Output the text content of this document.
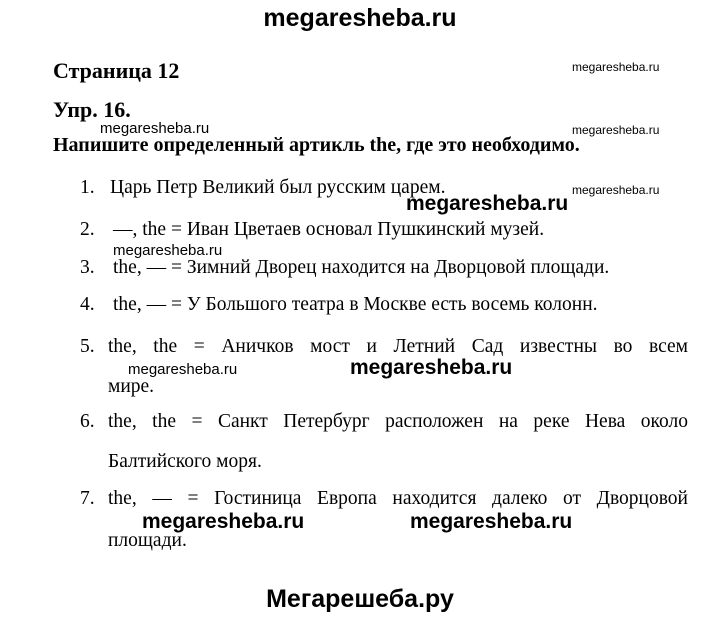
megaresheba.ru
Мегарешеба.ру
megaresheba.ru
megaresheba.ru	megaresheba.ru
megaresheba.ru
megaresheba.ru
megaresheba.ru
megaresheba.ru
megaresheba.ru
megaresheba.ru	megaresheba.ru
Страница 12
Упр. 16.
Напишите определенный артикль the, где это необходимо.
1. Царь Петр Великий был русским царем.
2. —, the = Иван Цветаев основал Пушкинский музей.
3. the, — = Зимний Дворец находится на Дворцовой площади.
4. the, — = У Большого театра в Москве есть восемь колонн.
5. the, the = Аничков мост и Летний Сад известны во всем
мире.
6. the, the = Санкт Петербург расположен на реке Нева около
Балтийского моря.
7. the, — = Гостиница Европа находится далеко от Дворцовой
площади.
